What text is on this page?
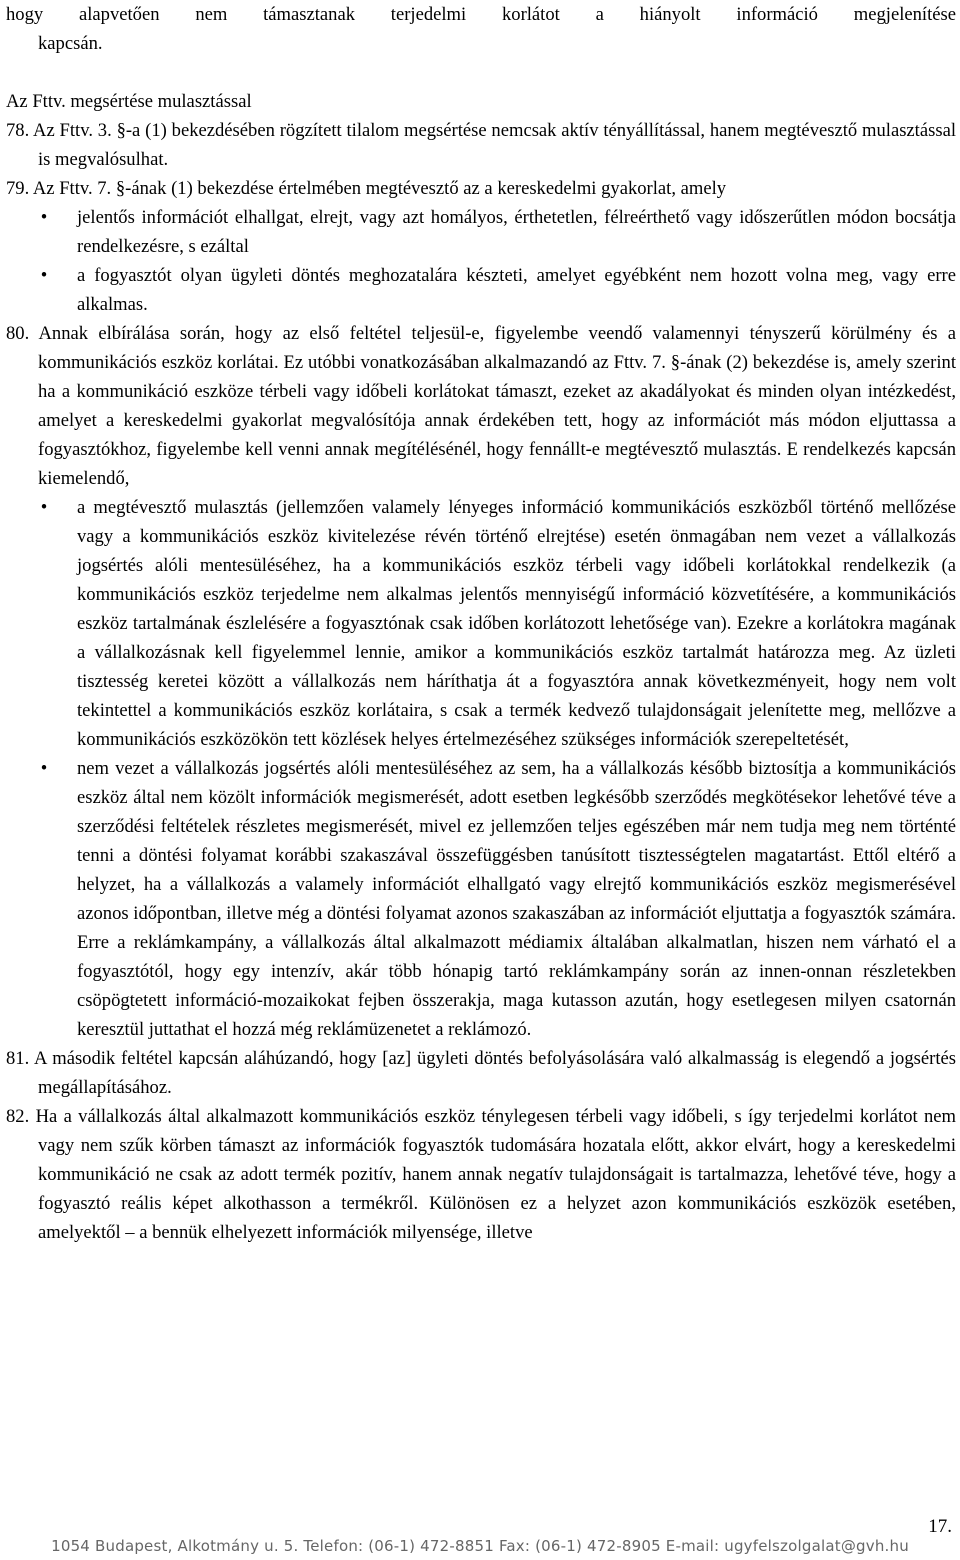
hogy alapvetően nem támasztanak terjedelmi korlátot a hiányolt információ megjelenítése

kapcsán.

Az Fttv. megsértése mulasztással

78. Az Fttv. 3. §-a (1) bekezdésében rögzített tilalom megsértése nemcsak aktív tényállítással, hanem megtévesztő mulasztással is megvalósulhat.

79. Az Fttv. 7. §-ának (1) bekezdése értelmében megtévesztő az a kereskedelmi gyakorlat, amely

•	jelentős információt elhallgat, elrejt, vagy azt homályos, érthetetlen, félreérthető vagy időszerűtlen módon bocsátja rendelkezésre, s ezáltal

•	a fogyasztót olyan ügyleti döntés meghozatalára készteti, amelyet egyébként nem hozott volna meg, vagy erre alkalmas.

80. Annak elbírálása során, hogy az első feltétel teljesül-e, figyelembe veendő valamennyi tényszerű körülmény és a kommunikációs eszköz korlátai. Ez utóbbi vonatkozásában alkalmazandó az Fttv. 7. §-ának (2) bekezdése is, amely szerint ha a kommunikáció eszköze térbeli vagy időbeli korlátokat támaszt, ezeket az akadályokat és minden olyan intézkedést, amelyet a kereskedelmi gyakorlat megvalósítója annak érdekében tett, hogy az információt más módon eljuttassa a fogyasztókhoz, figyelembe kell venni annak megítélésénél, hogy fennállt-e megtévesztő mulasztás. E rendelkezés kapcsán kiemelendő,

•	a megtévesztő mulasztás (jellemzően valamely lényeges információ kommunikációs eszközből történő mellőzése vagy a kommunikációs eszköz kivitelezése révén történő elrejtése) esetén önmagában nem vezet a vállalkozás jogsértés alóli mentesüléséhez, ha a kommunikációs eszköz térbeli vagy időbeli korlátokkal rendelkezik (a kommunikációs eszköz terjedelme nem alkalmas jelentős mennyiségű információ közvetítésére, a kommunikációs eszköz tartalmának észlelésére a fogyasztónak csak időben korlátozott lehetősége van). Ezekre a korlátokra magának a vállalkozásnak kell figyelemmel lennie, amikor a kommunikációs eszköz tartalmát határozza meg. Az üzleti tisztesség keretei között a vállalkozás nem háríthatja át a fogyasztóra annak következményeit, hogy nem volt tekintettel a kommunikációs eszköz korlátaira, s csak a termék kedvező tulajdonságait jelenítette meg, mellőzve a kommunikációs eszközökön tett közlések helyes értelmezéséhez szükséges információk szerepeltetését,

•	nem vezet a vállalkozás jogsértés alóli mentesüléséhez az sem, ha a vállalkozás később biztosítja a kommunikációs eszköz által nem közölt információk megismerését, adott esetben legkésőbb szerződés megkötésekor lehetővé téve a szerződési feltételek részletes megismerését, mivel ez jellemzően teljes egészében már nem tudja meg nem történté tenni a döntési folyamat korábbi szakaszával összefüggésben tanúsított tisztességtelen magatartást. Ettől eltérő a helyzet, ha a vállalkozás a valamely információt elhallgató vagy elrejtő kommunikációs eszköz megismerésével azonos időpontban, illetve még a döntési folyamat azonos szakaszában az információt eljuttatja a fogyasztók számára. Erre a reklámkampány, a vállalkozás által alkalmazott médiamix általában alkalmatlan, hiszen nem várható el a fogyasztótól, hogy egy intenzív, akár több hónapig tartó reklámkampány során az innen-onnan részletekben csöpögtetett információ-mozaikokat fejben összerakja, maga kutasson azután, hogy esetlegesen milyen csatornán keresztül juttathat el hozzá még reklámüzenetet a reklámozó.

81. A második feltétel kapcsán aláhúzandó, hogy [az] ügyleti döntés befolyásolására való alkalmasság is elegendő a jogsértés megállapításához.

82. Ha a vállalkozás által alkalmazott kommunikációs eszköz ténylegesen térbeli vagy időbeli, s így terjedelmi korlátot nem vagy nem szűk körben támaszt az információk fogyasztók tudomására hozatala előtt, akkor elvárt, hogy a kereskedelmi kommunikáció ne csak az adott termék pozitív, hanem annak negatív tulajdonságait is tartalmazza, lehetővé téve, hogy a fogyasztó reális képet alkothasson a termékről. Különösen ez a helyzet azon kommunikációs eszközök esetében, amelyektől – a bennük elhelyezett információk milyensége, illetve

17.
1054 Budapest, Alkotmány u. 5. Telefon: (06-1) 472-8851 Fax: (06-1) 472-8905 E-mail: ugyfelszolgalat@gvh.hu
